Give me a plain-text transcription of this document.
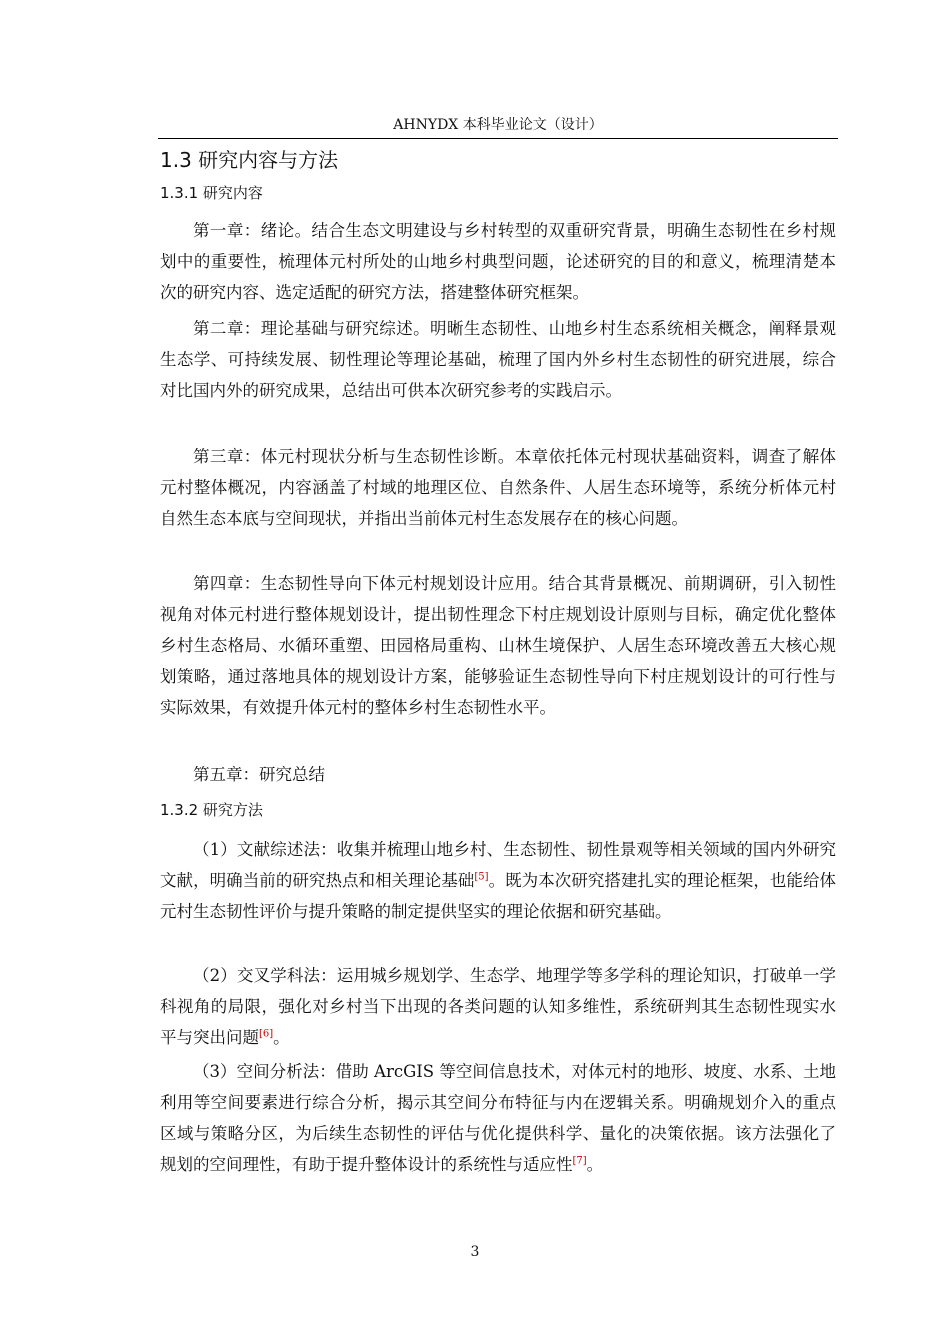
AHNYDX 本科毕业论文（设计）
1.3 研究内容与方法
1.3.1 研究内容

第一章：绪论。结合生态文明建设与乡村转型的双重研究背景，明确生态韧性在乡村规划中的重要性，梳理体元村所处的山地乡村典型问题，论述研究的目的和意义，梳理清楚本次的研究内容、选定适配的研究方法，搭建整体研究框架。

第二章：理论基础与研究综述。明晰生态韧性、山地乡村生态系统相关概念，阐释景观生态学、可持续发展、韧性理论等理论基础，梳理了国内外乡村生态韧性的研究进展，综合对比国内外的研究成果，总结出可供本次研究参考的实践启示。

第三章：体元村现状分析与生态韧性诊断。本章依托体元村现状基础资料，调查了解体元村整体概况，内容涵盖了村域的地理区位、自然条件、人居生态环境等，系统分析体元村自然生态本底与空间现状，并指出当前体元村生态发展存在的核心问题。

第四章：生态韧性导向下体元村规划设计应用。结合其背景概况、前期调研，引入韧性视角对体元村进行整体规划设计，提出韧性理念下村庄规划设计原则与目标，确定优化整体乡村生态格局、水循环重塑、田园格局重构、山林生境保护、人居生态环境改善五大核心规划策略，通过落地具体的规划设计方案，能够验证生态韧性导向下村庄规划设计的可行性与实际效果，有效提升体元村的整体乡村生态韧性水平。

第五章：研究总结

1.3.2 研究方法

（1）文献综述法：收集并梳理山地乡村、生态韧性、韧性景观等相关领域的国内外研究文献，明确当前的研究热点和相关理论基础[5]。既为本次研究搭建扎实的理论框架，也能给体元村生态韧性评价与提升策略的制定提供坚实的理论依据和研究基础。

（2）交叉学科法：运用城乡规划学、生态学、地理学等多学科的理论知识，打破单一学科视角的局限，强化对乡村当下出现的各类问题的认知多维性，系统研判其生态韧性现实水平与突出问题[6]。

（3）空间分析法：借助 ArcGIS 等空间信息技术，对体元村的地形、坡度、水系、土地利用等空间要素进行综合分析，揭示其空间分布特征与内在逻辑关系。明确规划介入的重点区域与策略分区，为后续生态韧性的评估与优化提供科学、量化的决策依据。该方法强化了规划的空间理性，有助于提升整体设计的系统性与适应性[7]。

3
